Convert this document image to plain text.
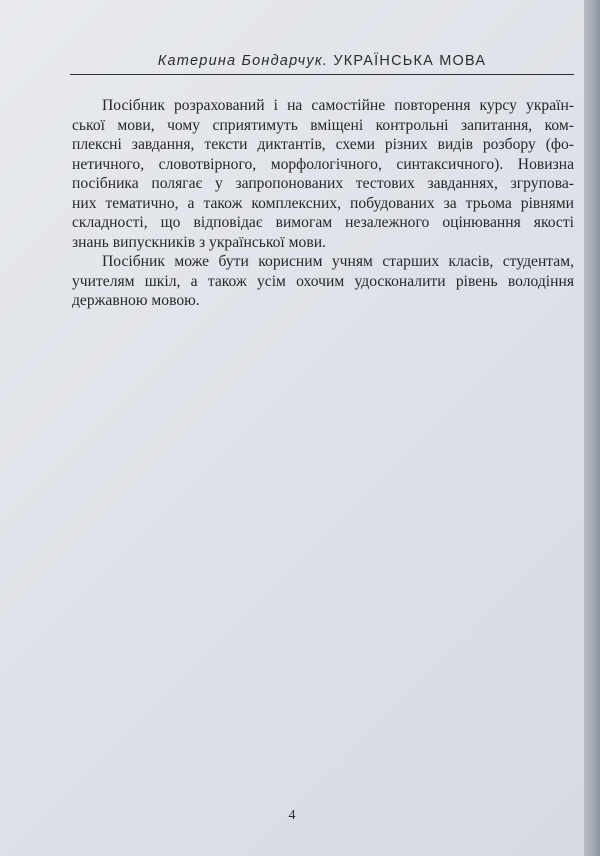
Катерина Бондарчук. УКРАЇНСЬКА МОВА
Посібник розрахований і на самостійне повторення курсу україн-
ської мови, чому сприятимуть вміщені контрольні запитання, ком-
плексні завдання, тексти диктантів, схеми різних видів розбору (фо-
нетичного, словотвірного, морфологічного, синтаксичного). Новизна
посібника полягає у запропонованих тестових завданнях, згрупова-
них тематично, а також комплексних, побудованих за трьома рівнями
складності, що відповідає вимогам незалежного оцінювання якості
знань випускників з української мови.
Посібник може бути корисним учням старших класів, студентам,
учителям шкіл, а також усім охочим удосконалити рівень володіння
державною мовою.
4
